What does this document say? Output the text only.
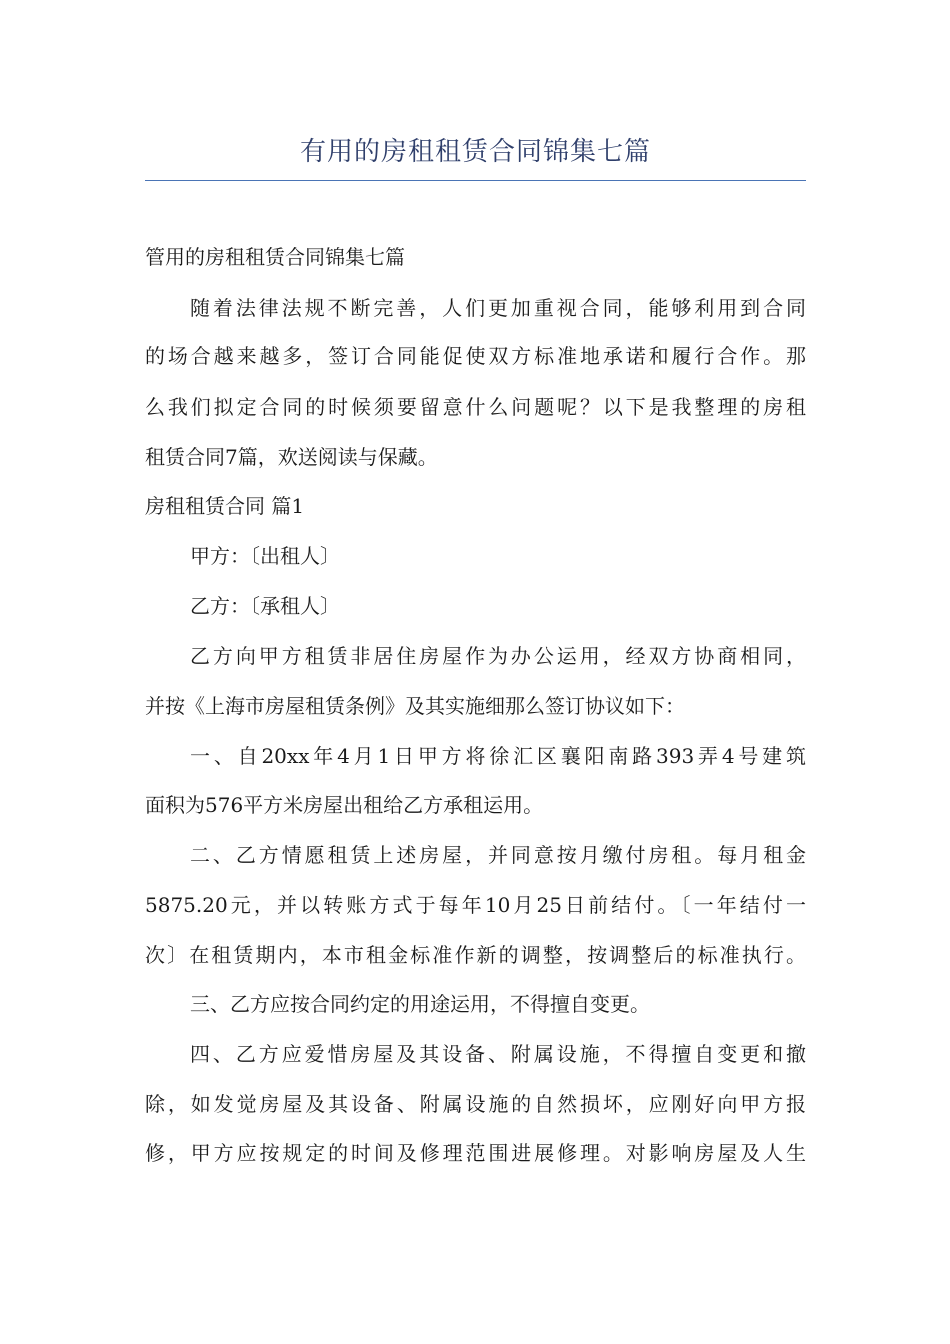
有用的房租租赁合同锦集七篇
管用的房租租赁合同锦集七篇
随着法律法规不断完善，人们更加重视合同，能够利用到合同
的场合越来越多，签订合同能促使双方标准地承诺和履行合作。那
么我们拟定合同的时候须要留意什么问题呢？以下是我整理的房租
租赁合同7篇，欢送阅读与保藏。
房租租赁合同 篇1
甲方：〔出租人〕
乙方：〔承租人〕
乙方向甲方租赁非居住房屋作为办公运用，经双方协商相同，
并按《上海市房屋租赁条例》及其实施细那么签订协议如下：
一、自20xx年4月1日甲方将徐汇区襄阳南路393弄4号建筑
面积为576平方米房屋出租给乙方承租运用。
二、乙方情愿租赁上述房屋，并同意按月缴付房租。每月租金
5875.20元，并以转账方式于每年10月25日前结付。〔一年结付一
次〕在租赁期内，本市租金标准作新的调整，按调整后的标准执行。
三、乙方应按合同约定的用途运用，不得擅自变更。
四、乙方应爱惜房屋及其设备、附属设施，不得擅自变更和撤
除，如发觉房屋及其设备、附属设施的自然损坏，应刚好向甲方报
修，甲方应按规定的时间及修理范围进展修理。对影响房屋及人生
